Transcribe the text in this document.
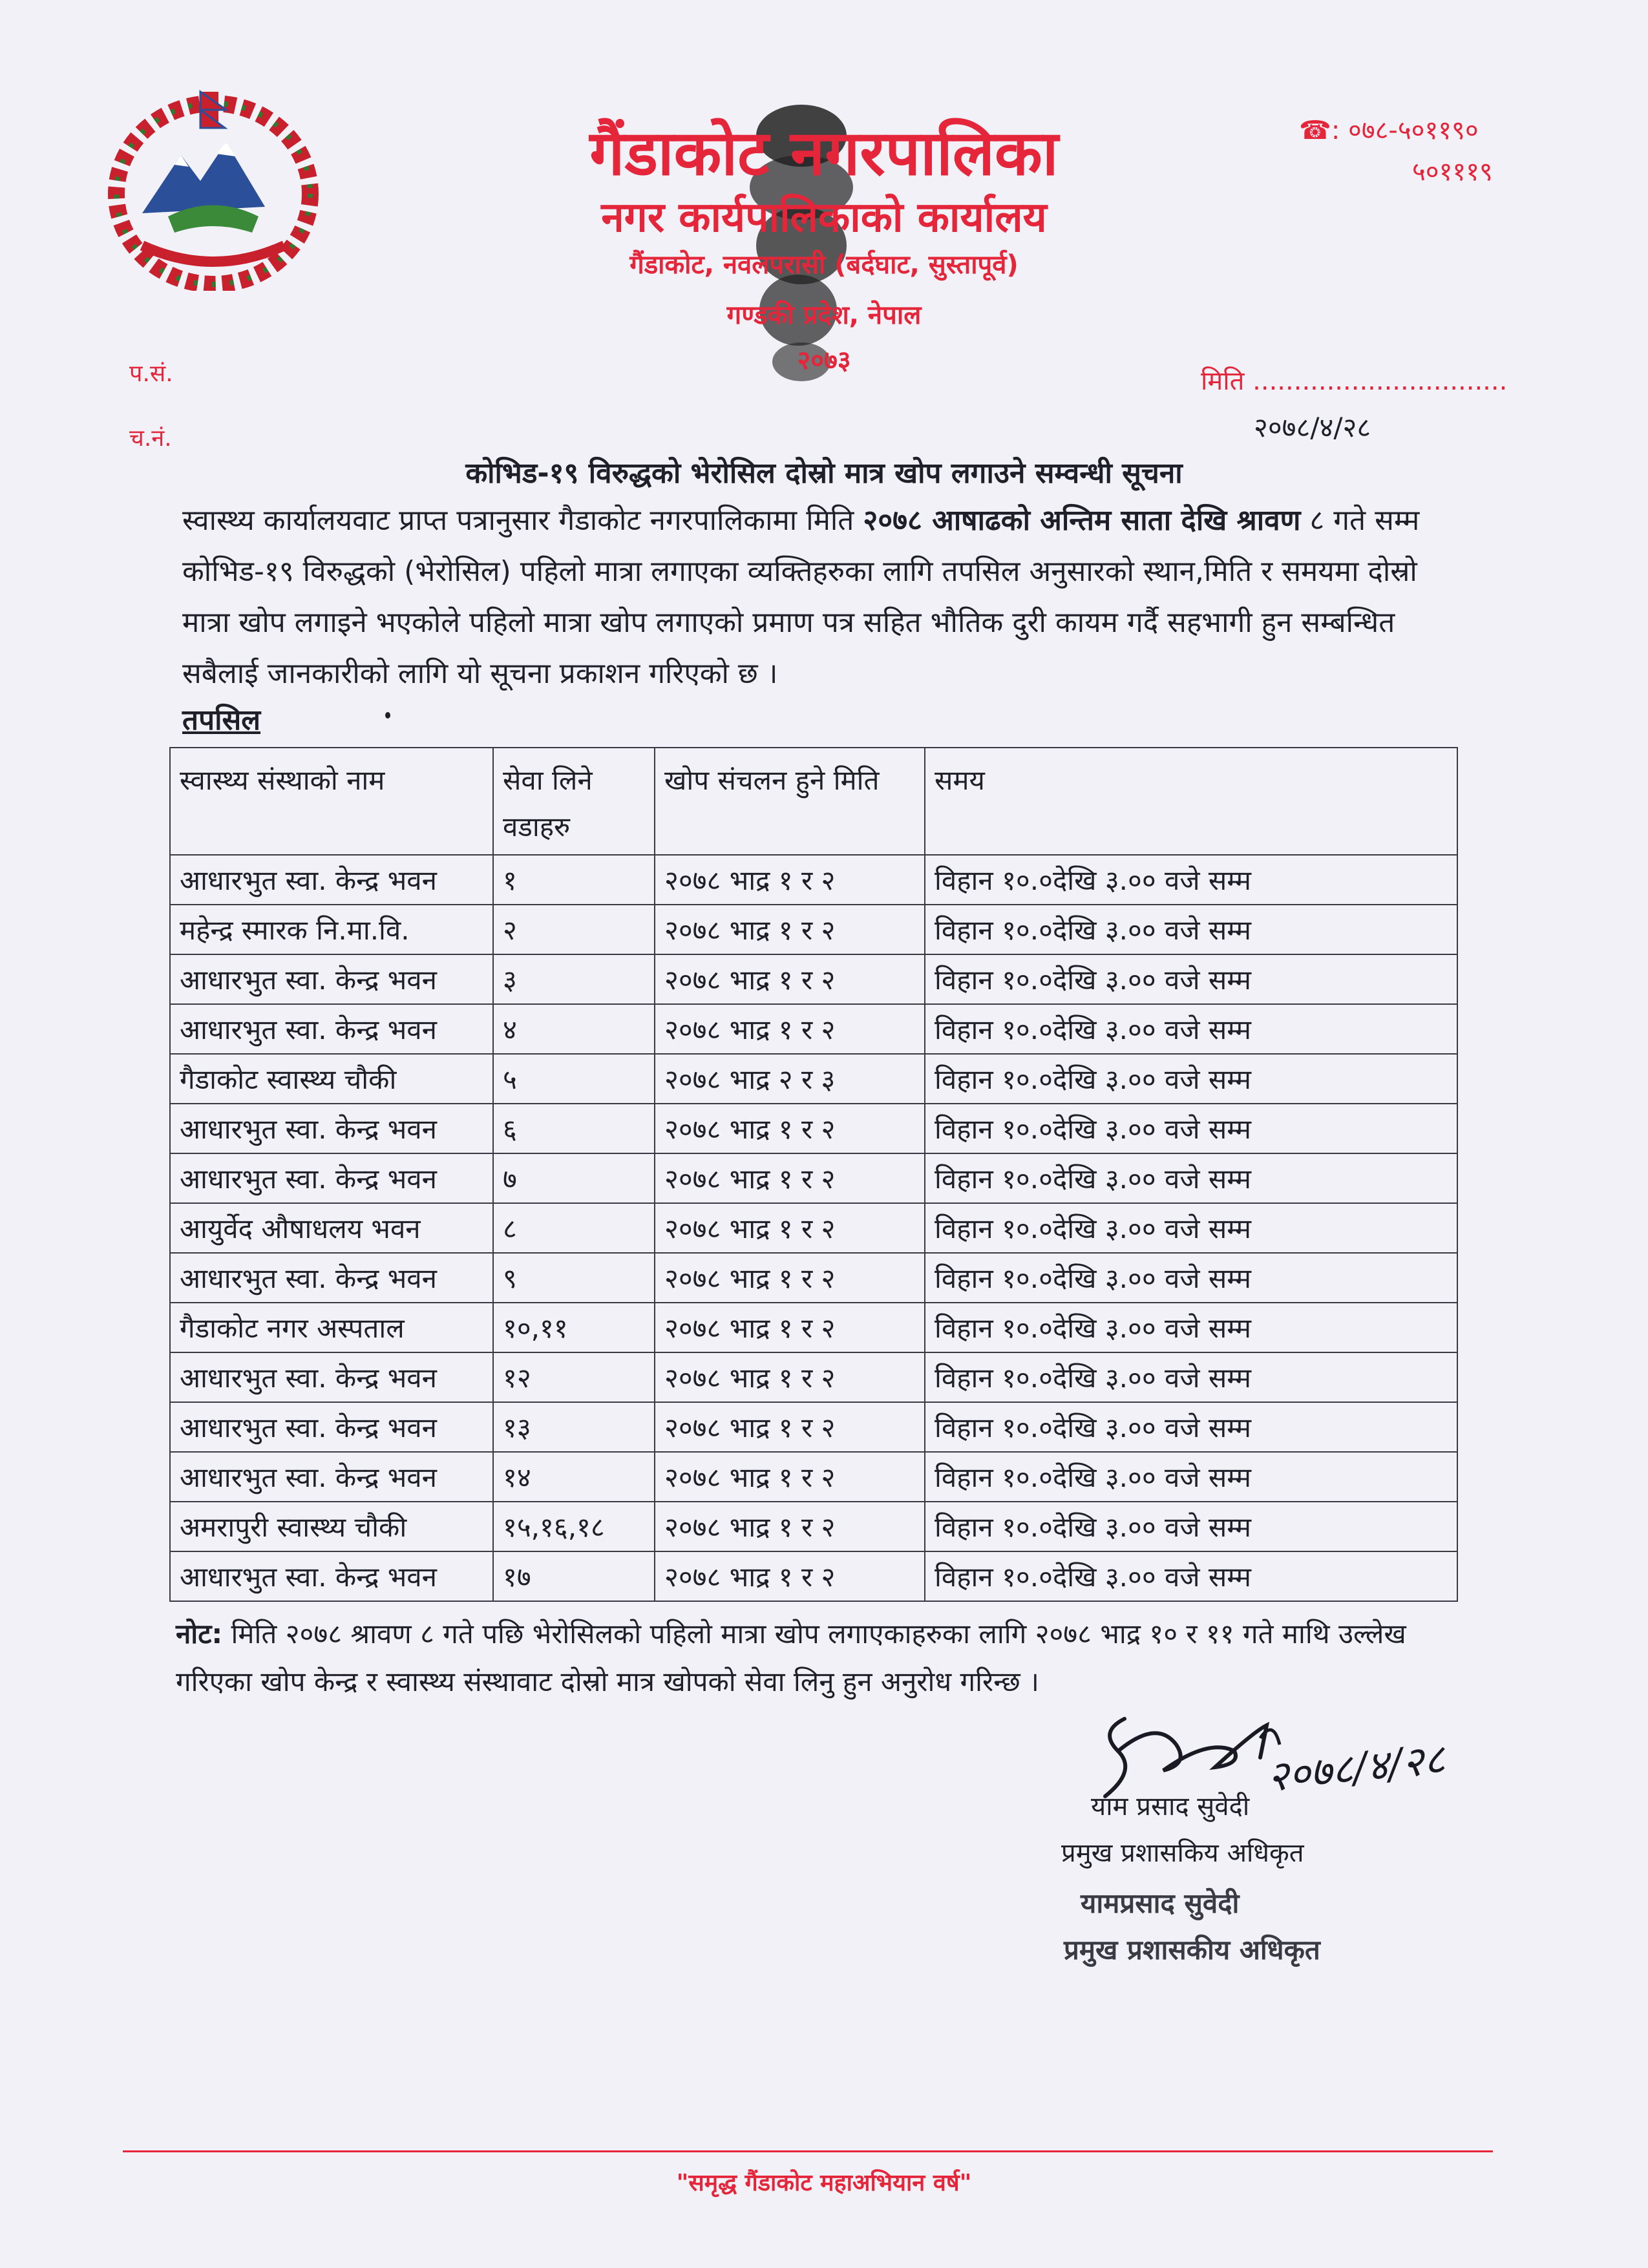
गैंडाकोट नगरपालिका
नगर कार्यपालिकाको कार्यालय
गैंडाकोट, नवलपरासी (बर्दघाट, सुस्तापूर्व)
गण्डकी प्रदेश, नेपाल
२०७३
☎: ०७८-५०११९०
५०१११९
प.सं.
च.नं.
मिति ...............................
२०७८/४/२८
कोभिड-१९ विरुद्धको भेरोसिल दोस्रो मात्र खोप लगाउने सम्वन्धी सूचना
स्वास्थ्य कार्यालयवाट प्राप्त पत्रानुसार गैडाकोट नगरपालिकामा मिति २०७८ आषाढको अन्तिम साता देखि श्रावण ८ गते सम्म कोभिड-१९ विरुद्धको (भेरोसिल) पहिलो मात्रा लगाएका व्यक्तिहरुका लागि तपसिल अनुसारको स्थान,मिति र समयमा दोस्रो मात्रा खोप लगाइने भएकोले पहिलो मात्रा खोप लगाएको प्रमाण पत्र सहित भौतिक दुरी कायम गर्दै सहभागी हुन सम्बन्धित सबैलाई जानकारीको लागि यो सूचना प्रकाशन गरिएको छ ।
तपसिल
स्वास्थ्य संस्थाको नाम	सेवा लिने वडाहरु	खोप संचलन हुने मिति	समय
आधारभुत स्वा. केन्द्र भवन	१	२०७८ भाद्र १ र २	विहान १०.०देखि ३.०० वजे सम्म
महेन्द्र स्मारक नि.मा.वि.	२	२०७८ भाद्र १ र २	विहान १०.०देखि ३.०० वजे सम्म
आधारभुत स्वा. केन्द्र भवन	३	२०७८ भाद्र १ र २	विहान १०.०देखि ३.०० वजे सम्म
आधारभुत स्वा. केन्द्र भवन	४	२०७८ भाद्र १ र २	विहान १०.०देखि ३.०० वजे सम्म
गैडाकोट स्वास्थ्य चौकी	५	२०७८ भाद्र २ र ३	विहान १०.०देखि ३.०० वजे सम्म
आधारभुत स्वा. केन्द्र भवन	६	२०७८ भाद्र १ र २	विहान १०.०देखि ३.०० वजे सम्म
आधारभुत स्वा. केन्द्र भवन	७	२०७८ भाद्र १ र २	विहान १०.०देखि ३.०० वजे सम्म
आयुर्वेद औषाधलय भवन	८	२०७८ भाद्र १ र २	विहान १०.०देखि ३.०० वजे सम्म
आधारभुत स्वा. केन्द्र भवन	९	२०७८ भाद्र १ र २	विहान १०.०देखि ३.०० वजे सम्म
गैडाकोट नगर अस्पताल	१०,११	२०७८ भाद्र १ र २	विहान १०.०देखि ३.०० वजे सम्म
आधारभुत स्वा. केन्द्र भवन	१२	२०७८ भाद्र १ र २	विहान १०.०देखि ३.०० वजे सम्म
आधारभुत स्वा. केन्द्र भवन	१३	२०७८ भाद्र १ र २	विहान १०.०देखि ३.०० वजे सम्म
आधारभुत स्वा. केन्द्र भवन	१४	२०७८ भाद्र १ र २	विहान १०.०देखि ३.०० वजे सम्म
अमरापुरी स्वास्थ्य चौकी	१५,१६,१८	२०७८ भाद्र १ र २	विहान १०.०देखि ३.०० वजे सम्म
आधारभुत स्वा. केन्द्र भवन	१७	२०७८ भाद्र १ र २	विहान १०.०देखि ३.०० वजे सम्म
नोट: मिति २०७८ श्रावण ८ गते पछि भेरोसिलको पहिलो मात्रा खोप लगाएकाहरुका लागि २०७८ भाद्र १० र ११ गते माथि उल्लेख गरिएका खोप केन्द्र र स्वास्थ्य संस्थावाट दोस्रो मात्र खोपको सेवा लिनु हुन अनुरोध गरिन्छ ।
२०७८/४/२८
याम प्रसाद सुवेदी
प्रमुख प्रशासकिय अधिकृत
यामप्रसाद सुवेदी
प्रमुख प्रशासकीय अधिकृत
"समृद्ध गैंडाकोट महाअभियान वर्ष"
